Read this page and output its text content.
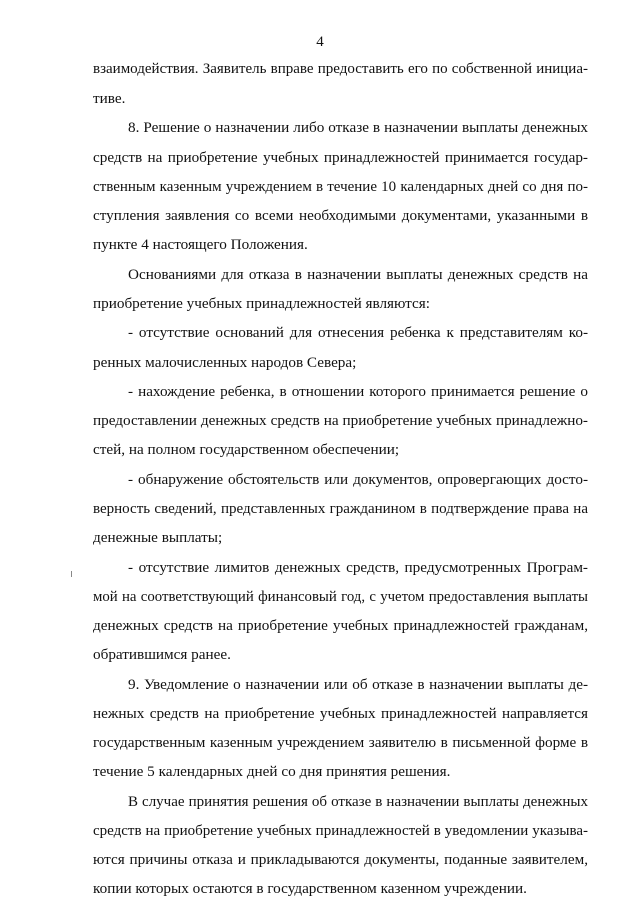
4
взаимодействия. Заявитель вправе предоставить его по собственной инициа-
тиве.
8. Решение о назначении либо отказе в назначении выплаты денежных
средств на приобретение учебных принадлежностей принимается государ-
ственным казенным учреждением в течение 10 календарных дней со дня по-
ступления заявления со всеми необходимыми документами, указанными в
пункте 4 настоящего Положения.
Основаниями для отказа в назначении выплаты денежных средств на
приобретение учебных принадлежностей являются:
- отсутствие оснований для отнесения ребенка к представителям ко-
ренных малочисленных народов Севера;
- нахождение ребенка, в отношении которого принимается решение о
предоставлении денежных средств на приобретение учебных принадлежно-
стей, на полном государственном обеспечении;
- обнаружение обстоятельств или документов, опровергающих досто-
верность сведений, представленных гражданином в подтверждение права на
денежные выплаты;
- отсутствие лимитов денежных средств, предусмотренных Програм-
мой на соответствующий финансовый год, с учетом предоставления выплаты
денежных средств на приобретение учебных принадлежностей гражданам,
обратившимся ранее.
9. Уведомление о назначении или об отказе в назначении выплаты де-
нежных средств на приобретение учебных принадлежностей направляется
государственным казенным учреждением заявителю в письменной форме в
течение 5 календарных дней со дня принятия решения.
В случае принятия решения об отказе в назначении выплаты денежных
средств на приобретение учебных принадлежностей в уведомлении указыва-
ются причины отказа и прикладываются документы, поданные заявителем,
копии которых остаются в государственном казенном учреждении.
